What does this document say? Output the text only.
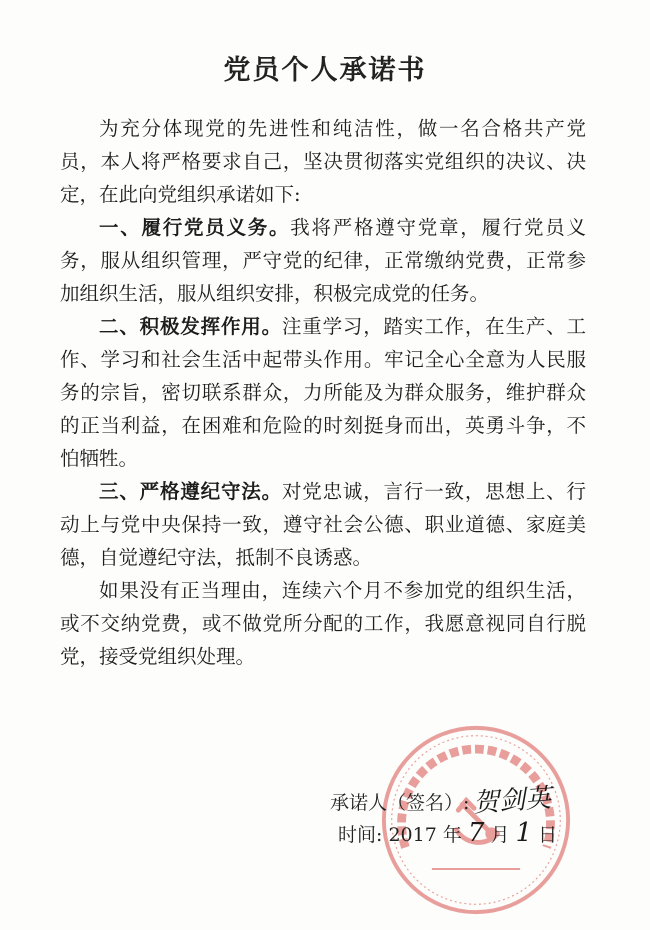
党员个人承诺书

为充分体现党的先进性和纯洁性，做一名合格共产党员，本人将严格要求自己，坚决贯彻落实党组织的决议、决定，在此向党组织承诺如下:

一、履行党员义务。我将严格遵守党章，履行党员义务，服从组织管理，严守党的纪律，正常缴纳党费，正常参加组织生活，服从组织安排，积极完成党的任务。

二、积极发挥作用。注重学习，踏实工作，在生产、工作、学习和社会生活中起带头作用。牢记全心全意为人民服务的宗旨，密切联系群众，力所能及为群众服务，维护群众的正当利益，在困难和危险的时刻挺身而出，英勇斗争，不怕牺牲。

三、严格遵纪守法。对党忠诚，言行一致，思想上、行动上与党中央保持一致，遵守社会公德、职业道德、家庭美德，自觉遵纪守法，抵制不良诱惑。

如果没有正当理由，连续六个月不参加党的组织生活，或不交纳党费，或不做党所分配的工作，我愿意视同自行脱党，接受党组织处理。

承诺人（签名）: 贺剑英
时间: 2017 年 7 月 1 日
